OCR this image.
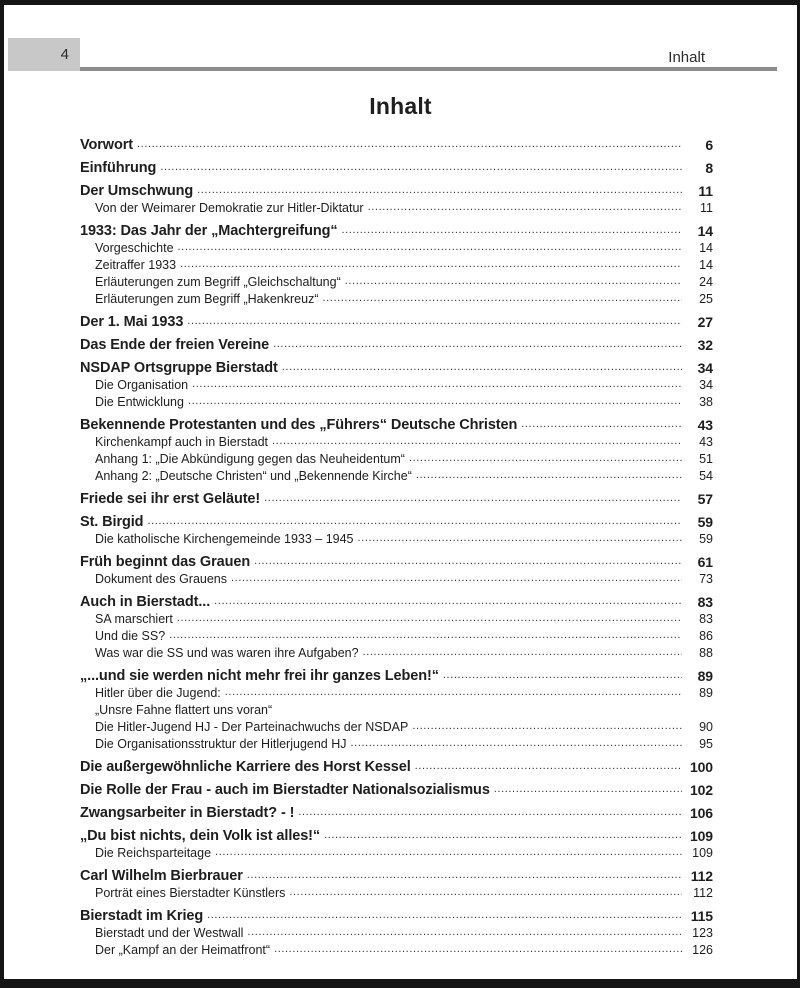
4	Inhalt
Inhalt
Vorwort .....	6
Einführung .....	8
Der Umschwung .....	11
Von der Weimarer Demokratie zur Hitler-Diktatur .....	11
1933: Das Jahr der „Machtergreifung“ .....	14
Vorgeschichte .....	14
Zeitraffer 1933 .....	14
Erläuterungen zum Begriff „Gleichschaltung“ .....	24
Erläuterungen zum Begriff „Hakenkreuz“ .....	25
Der 1. Mai 1933 .....	27
Das Ende der freien Vereine .....	32
NSDAP Ortsgruppe Bierstadt .....	34
Die Organisation .....	34
Die Entwicklung .....	38
Bekennende Protestanten und des „Führers“ Deutsche Christen .....	43
Kirchenkampf auch in Bierstadt .....	43
Anhang 1: „Die Abkündigung gegen das Neuheidentum“ .....	51
Anhang 2: „Deutsche Christen“ und „Bekennende Kirche“ .....	54
Friede sei ihr erst Geläute! .....	57
St. Birgid .....	59
Die katholische Kirchengemeinde 1933 – 1945 .....	59
Früh beginnt das Grauen .....	61
Dokument des Grauens .....	73
Auch in Bierstadt... .....	83
SA marschiert .....	83
Und die SS? .....	86
Was war die SS und was waren ihre Aufgaben? .....	88
„...und sie werden nicht mehr frei ihr ganzes Leben!“ .....	89
Hitler über die Jugend: .....	89
„Unsre Fahne flattert uns voran“
Die Hitler-Jugend HJ - Der Parteinachwuchs der NSDAP .....	90
Die Organisationsstruktur der Hitlerjugend HJ .....	95
Die außergewöhnliche Karriere des Horst Kessel .....	100
Die Rolle der Frau - auch im Bierstadter Nationalsozialismus .....	102
Zwangsarbeiter in Bierstadt? - ! .....	106
„Du bist nichts, dein Volk ist alles!“ .....	109
Die Reichsparteitage .....	109
Carl Wilhelm Bierbrauer .....	112
Porträt eines Bierstadter Künstlers .....	112
Bierstadt im Krieg .....	115
Bierstadt und der Westwall .....	123
Der „Kampf an der Heimatfront“ .....	126
